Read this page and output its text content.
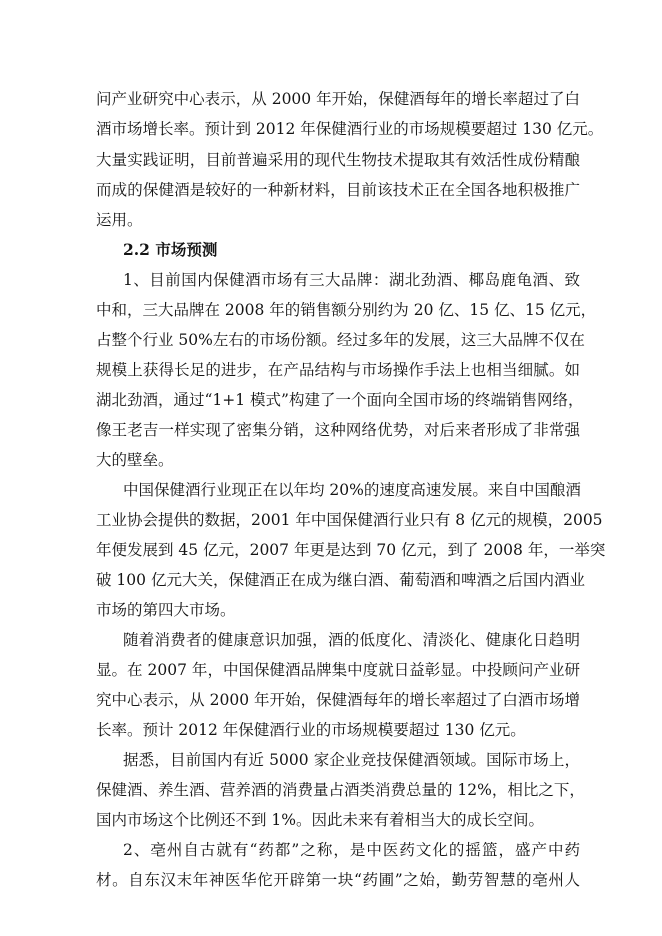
问产业研究中心表示，从 2000 年开始，保健酒每年的增长率超过了白
酒市场增长率。预计到 2012 年保健酒行业的市场规模要超过 130 亿元。
大量实践证明，目前普遍采用的现代生物技术提取其有效活性成份精酿
而成的保健酒是较好的一种新材料，目前该技术正在全国各地积极推广
运用。
2.2 市场预测
1、目前国内保健酒市场有三大品牌：湖北劲酒、椰岛鹿龟酒、致
中和，三大品牌在 2008 年的销售额分别约为 20 亿、15 亿、15 亿元，
占整个行业 50%左右的市场份额。经过多年的发展，这三大品牌不仅在
规模上获得长足的进步，在产品结构与市场操作手法上也相当细腻。如
湖北劲酒，通过“1+1 模式”构建了一个面向全国市场的终端销售网络，
像王老吉一样实现了密集分销，这种网络优势，对后来者形成了非常强
大的壁垒。
中国保健酒行业现正在以年均 20%的速度高速发展。来自中国酿酒
工业协会提供的数据，2001 年中国保健酒行业只有 8 亿元的规模，2005
年便发展到 45 亿元，2007 年更是达到 70 亿元，到了 2008 年，一举突
破 100 亿元大关，保健酒正在成为继白酒、葡萄酒和啤酒之后国内酒业
市场的第四大市场。
随着消费者的健康意识加强，酒的低度化、清淡化、健康化日趋明
显。在 2007 年，中国保健酒品牌集中度就日益彰显。中投顾问产业研
究中心表示，从 2000 年开始，保健酒每年的增长率超过了白酒市场增
长率。预计 2012 年保健酒行业的市场规模要超过 130 亿元。
据悉，目前国内有近 5000 家企业竞技保健酒领域。国际市场上，
保健酒、养生酒、营养酒的消费量占酒类消费总量的 12%，相比之下，
国内市场这个比例还不到 1%。因此未来有着相当大的成长空间。
2、亳州自古就有“药都”之称，是中医药文化的摇篮，盛产中药
材。自东汉末年神医华佗开辟第一块“药圃”之始，勤劳智慧的亳州人
